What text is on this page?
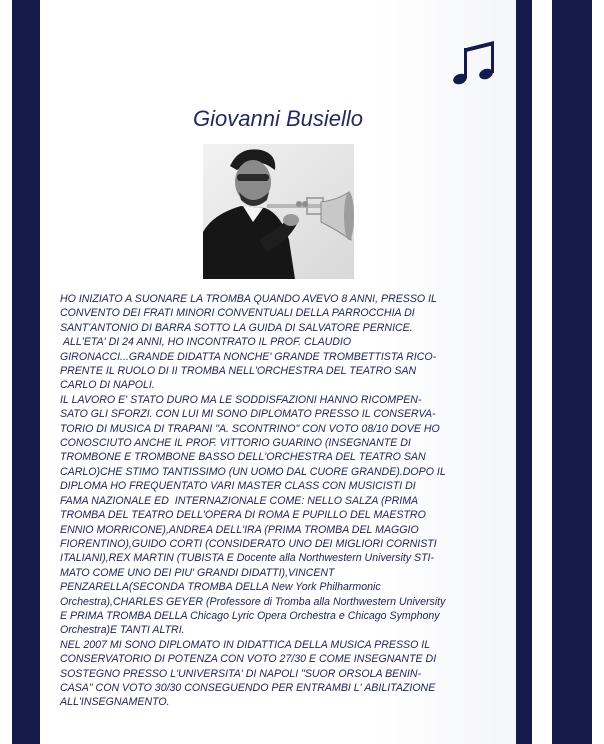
Giovanni Busiello
HO INIZIATO A SUONARE LA TROMBA QUANDO AVEVO 8 ANNI, PRESSO IL
CONVENTO DEI FRATI MINORI CONVENTUALI DELLA PARROCCHIA DI
SANT'ANTONIO DI BARRA SOTTO LA GUIDA DI SALVATORE PERNICE.
ALL'ETA' DI 24 ANNI, HO INCONTRATO IL PROF. CLAUDIO
GIRONACCI...GRANDE DIDATTA NONCHE' GRANDE TROMBETTISTA RICO-
PRENTE IL RUOLO DI II TROMBA NELL'ORCHESTRA DEL TEATRO SAN
CARLO DI NAPOLI.
IL LAVORO E' STATO DURO MA LE SODDISFAZIONI HANNO RICOMPEN-
SATO GLI SFORZI. CON LUI MI SONO DIPLOMATO PRESSO IL CONSERVA-
TORIO DI MUSICA DI TRAPANI "A. SCONTRINO" CON VOTO 08/10 DOVE HO
CONOSCIUTO ANCHE IL PROF. VITTORIO GUARINO (INSEGNANTE DI
TROMBONE E TROMBONE BASSO DELL'ORCHESTRA DEL TEATRO SAN
CARLO)CHE STIMO TANTISSIMO (UN UOMO DAL CUORE GRANDE).DOPO IL
DIPLOMA HO FREQUENTATO VARI MASTER CLASS CON MUSICISTI DI
FAMA NAZIONALE ED  INTERNAZIONALE COME: NELLO SALZA (PRIMA
TROMBA DEL TEATRO DELL'OPERA DI ROMA E PUPILLO DEL MAESTRO
ENNIO MORRICONE),ANDREA DELL'IRA (PRIMA TROMBA DEL MAGGIO
FIORENTINO),GUIDO CORTI (CONSIDERATO UNO DEI MIGLIORI CORNISTI
ITALIANI),REX MARTIN (TUBISTA E Docente alla Northwestern University STI-
MATO COME UNO DEI PIU' GRANDI DIDATTI),VINCENT
PENZARELLA(SECONDA TROMBA DELLA New York Philharmonic
Orchestra),CHARLES GEYER (Professore di Tromba alla Northwestern University
E PRIMA TROMBA DELLA Chicago Lyric Opera Orchestra e Chicago Symphony
Orchestra)E TANTI ALTRI.
NEL 2007 MI SONO DIPLOMATO IN DIDATTICA DELLA MUSICA PRESSO IL
CONSERVATORIO DI POTENZA CON VOTO 27/30 E COME INSEGNANTE DI
SOSTEGNO PRESSO L'UNIVERSITA' DI NAPOLI "SUOR ORSOLA BENIN-
CASA" CON VOTO 30/30 CONSEGUENDO PER ENTRAMBI L' ABILITAZIONE
ALL'INSEGNAMENTO.
